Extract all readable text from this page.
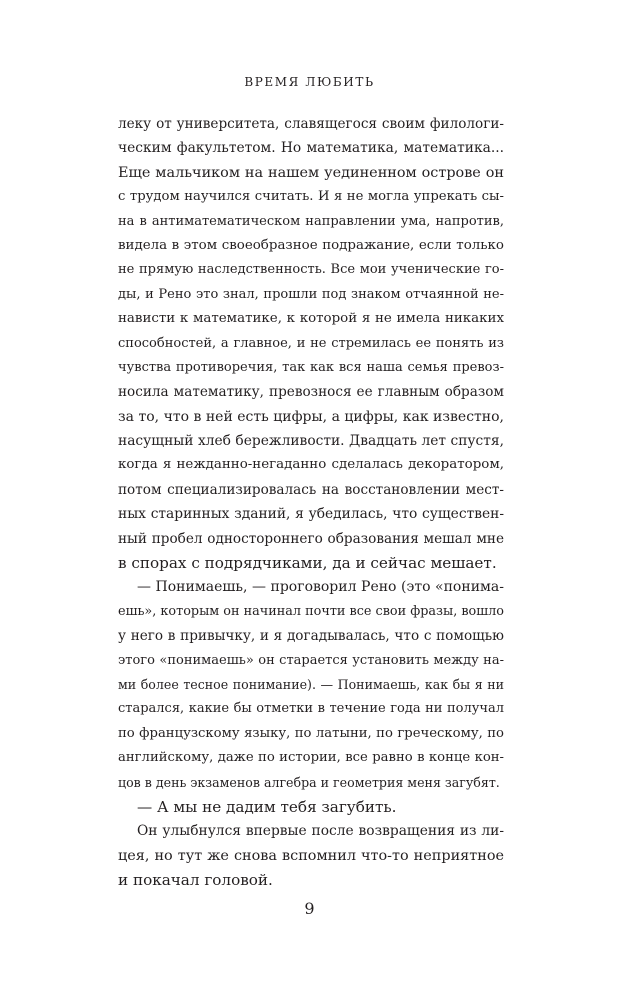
ВРЕМЯ ЛЮБИТЬ
леку от университета, славящегося своим филологи-
ческим факультетом. Но математика, математика...
Еще мальчиком на нашем уединенном острове он
с трудом научился считать. И я не могла упрекать сы-
на в антиматематическом направлении ума, напротив,
видела в этом своеобразное подражание, если только
не прямую наследственность. Все мои ученические го-
ды, и Рено это знал, прошли под знаком отчаянной не-
нависти к математике, к которой я не имела никаких
способностей, а главное, и не стремилась ее понять из
чувства противоречия, так как вся наша семья превоз-
носила математику, превознося ее главным образом
за то, что в ней есть цифры, а цифры, как известно,
насущный хлеб бережливости. Двадцать лет спустя,
когда я нежданно-негаданно сделалась декоратором,
потом специализировалась на восстановлении мест-
ных старинных зданий, я убедилась, что существен-
ный пробел одностороннего образования мешал мне
в спорах с подрядчиками, да и сейчас мешает.
— Понимаешь, — проговорил Рено (это «понима-
ешь», которым он начинал почти все свои фразы, вошло
у него в привычку, и я догадывалась, что с помощью
этого «понимаешь» он старается установить между на-
ми более тесное понимание). — Понимаешь, как бы я ни
старался, какие бы отметки в течение года ни получал
по французскому языку, по латыни, по греческому, по
английскому, даже по истории, все равно в конце кон-
цов в день экзаменов алгебра и геометрия меня загубят.
— А мы не дадим тебя загубить.
Он улыбнулся впервые после возвращения из ли-
цея, но тут же снова вспомнил что-то неприятное
и покачал головой.
9
